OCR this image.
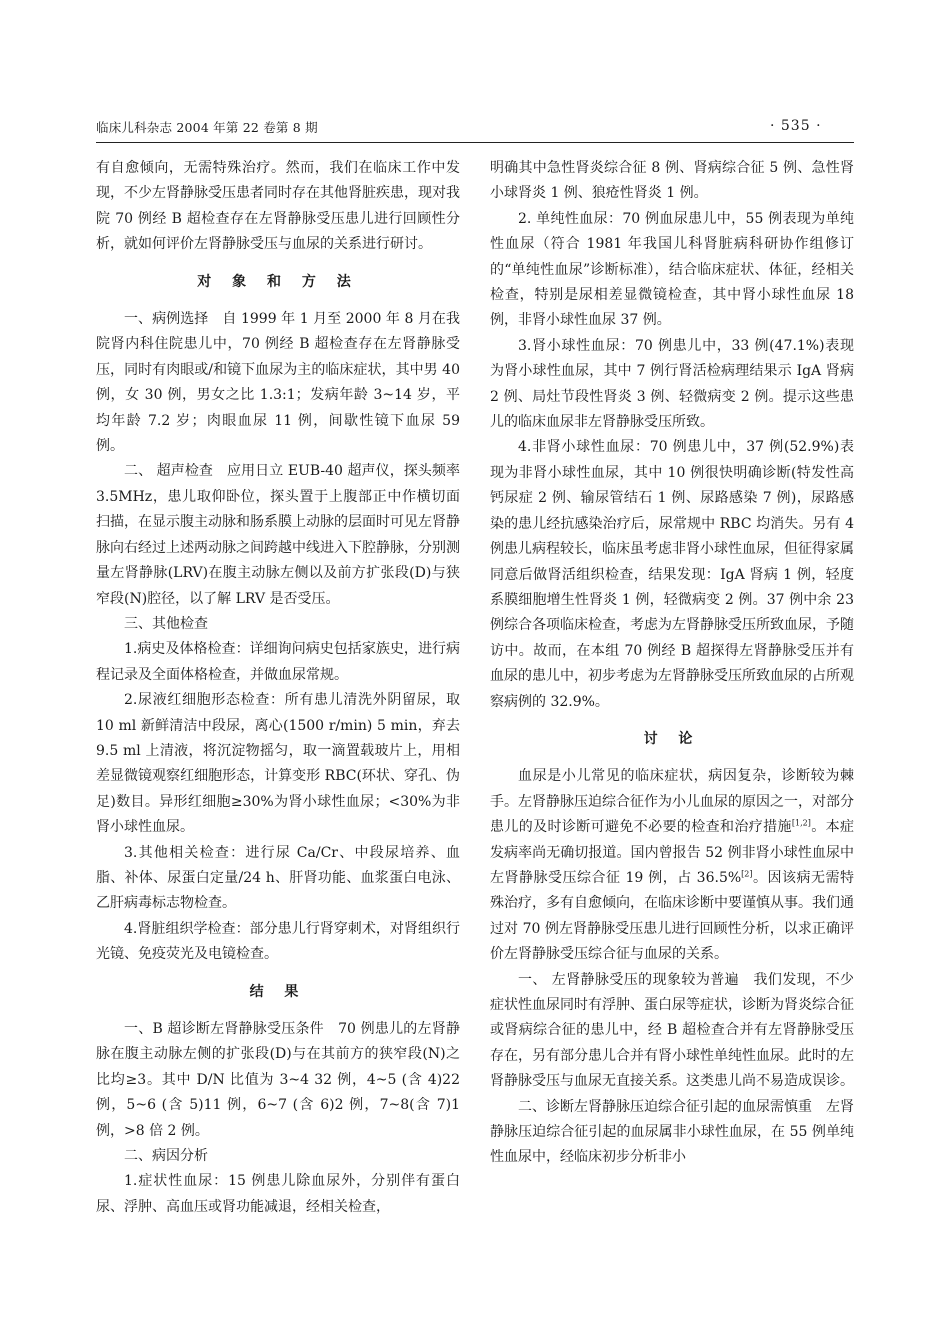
临床儿科杂志 2004 年第 22 卷第 8 期	· 535 ·

有自愈倾向，无需特殊治疗。然而，我们在临床工作中发现，不少左肾静脉受压患者同时存在其他肾脏疾患，现对我院 70 例经 B 超检查存在左肾静脉受压患儿进行回顾性分析，就如何评价左肾静脉受压与血尿的关系进行研讨。

对 象 和 方 法

一、病例选择　自 1999 年 1 月至 2000 年 8 月在我院肾内科住院患儿中，70 例经 B 超检查存在左肾静脉受压，同时有肉眼或/和镜下血尿为主的临床症状，其中男 40 例，女 30 例，男女之比 1.3:1；发病年龄 3~14 岁，平均年龄 7.2 岁；肉眼血尿 11 例，间歇性镜下血尿 59 例。

二、 超声检查　应用日立 EUB-40 超声仪，探头频率 3.5MHz，患儿取仰卧位，探头置于上腹部正中作横切面扫描，在显示腹主动脉和肠系膜上动脉的层面时可见左肾静脉向右经过上述两动脉之间跨越中线进入下腔静脉，分别测量左肾静脉(LRV)在腹主动脉左侧以及前方扩张段(D)与狭窄段(N)腔径，以了解 LRV 是否受压。

三、其他检查

1.病史及体格检查：详细询问病史包括家族史，进行病程记录及全面体格检查，并做血尿常规。

2.尿液红细胞形态检查：所有患儿清洗外阴留尿，取 10 ml 新鲜清洁中段尿，离心(1500 r/min) 5 min，弃去 9.5 ml 上清液，将沉淀物摇匀，取一滴置载玻片上，用相差显微镜观察红细胞形态，计算变形 RBC(环状、穿孔、伪足)数目。异形红细胞≥30%为肾小球性血尿；<30%为非肾小球性血尿。

3.其他相关检查：进行尿 Ca/Cr、中段尿培养、血脂、补体、尿蛋白定量/24 h、肝肾功能、血浆蛋白电泳、乙肝病毒标志物检查。

4.肾脏组织学检查：部分患儿行肾穿刺术，对肾组织行光镜、免疫荧光及电镜检查。

结 果

一、B 超诊断左肾静脉受压条件　70 例患儿的左肾静脉在腹主动脉左侧的扩张段(D)与在其前方的狭窄段(N)之比均≥3。其中 D/N 比值为 3~4 32 例，4~5 (含 4)22 例，5~6 (含 5)11 例，6~7 (含 6)2 例，7~8(含 7)1 例，>8 倍 2 例。

二、病因分析

1.症状性血尿：15 例患儿除血尿外，分别伴有蛋白尿、浮肿、高血压或肾功能减退，经相关检查，

明确其中急性肾炎综合征 8 例、肾病综合征 5 例、急性肾小球肾炎 1 例、狼疮性肾炎 1 例。

2. 单纯性血尿：70 例血尿患儿中，55 例表现为单纯性血尿（符合 1981 年我国儿科肾脏病科研协作组修订的“单纯性血尿”诊断标准），结合临床症状、体征，经相关检查，特别是尿相差显微镜检查，其中肾小球性血尿 18 例，非肾小球性血尿 37 例。

3.肾小球性血尿：70 例患儿中，33 例(47.1%)表现为肾小球性血尿，其中 7 例行肾活检病理结果示 IgA 肾病 2 例、局灶节段性肾炎 3 例、轻微病变 2 例。提示这些患儿的临床血尿非左肾静脉受压所致。

4.非肾小球性血尿：70 例患儿中，37 例(52.9%)表现为非肾小球性血尿，其中 10 例很快明确诊断(特发性高钙尿症 2 例、输尿管结石 1 例、尿路感染 7 例)，尿路感染的患儿经抗感染治疗后，尿常规中 RBC 均消失。另有 4 例患儿病程较长，临床虽考虑非肾小球性血尿，但征得家属同意后做肾活组织检查，结果发现：IgA 肾病 1 例，轻度系膜细胞增生性肾炎 1 例，轻微病变 2 例。37 例中余 23 例综合各项临床检查，考虑为左肾静脉受压所致血尿，予随访中。故而，在本组 70 例经 B 超探得左肾静脉受压并有血尿的患儿中，初步考虑为左肾静脉受压所致血尿的占所观察病例的 32.9%。

讨 论

血尿是小儿常见的临床症状，病因复杂，诊断较为棘手。左肾静脉压迫综合征作为小儿血尿的原因之一，对部分患儿的及时诊断可避免不必要的检查和治疗措施[1,2]。本症发病率尚无确切报道。国内曾报告 52 例非肾小球性血尿中左肾静脉受压综合征 19 例，占 36.5%[2]。因该病无需特殊治疗，多有自愈倾向，在临床诊断中要谨慎从事。我们通过对 70 例左肾静脉受压患儿进行回顾性分析，以求正确评价左肾静脉受压综合征与血尿的关系。

一、 左肾静脉受压的现象较为普遍　我们发现，不少症状性血尿同时有浮肿、蛋白尿等症状，诊断为肾炎综合征或肾病综合征的患儿中，经 B 超检查合并有左肾静脉受压存在，另有部分患儿合并有肾小球性单纯性血尿。此时的左肾静脉受压与血尿无直接关系。这类患儿尚不易造成误诊。

二、诊断左肾静脉压迫综合征引起的血尿需慎重　左肾静脉压迫综合征引起的血尿属非小球性血尿，在 55 例单纯性血尿中，经临床初步分析非小
